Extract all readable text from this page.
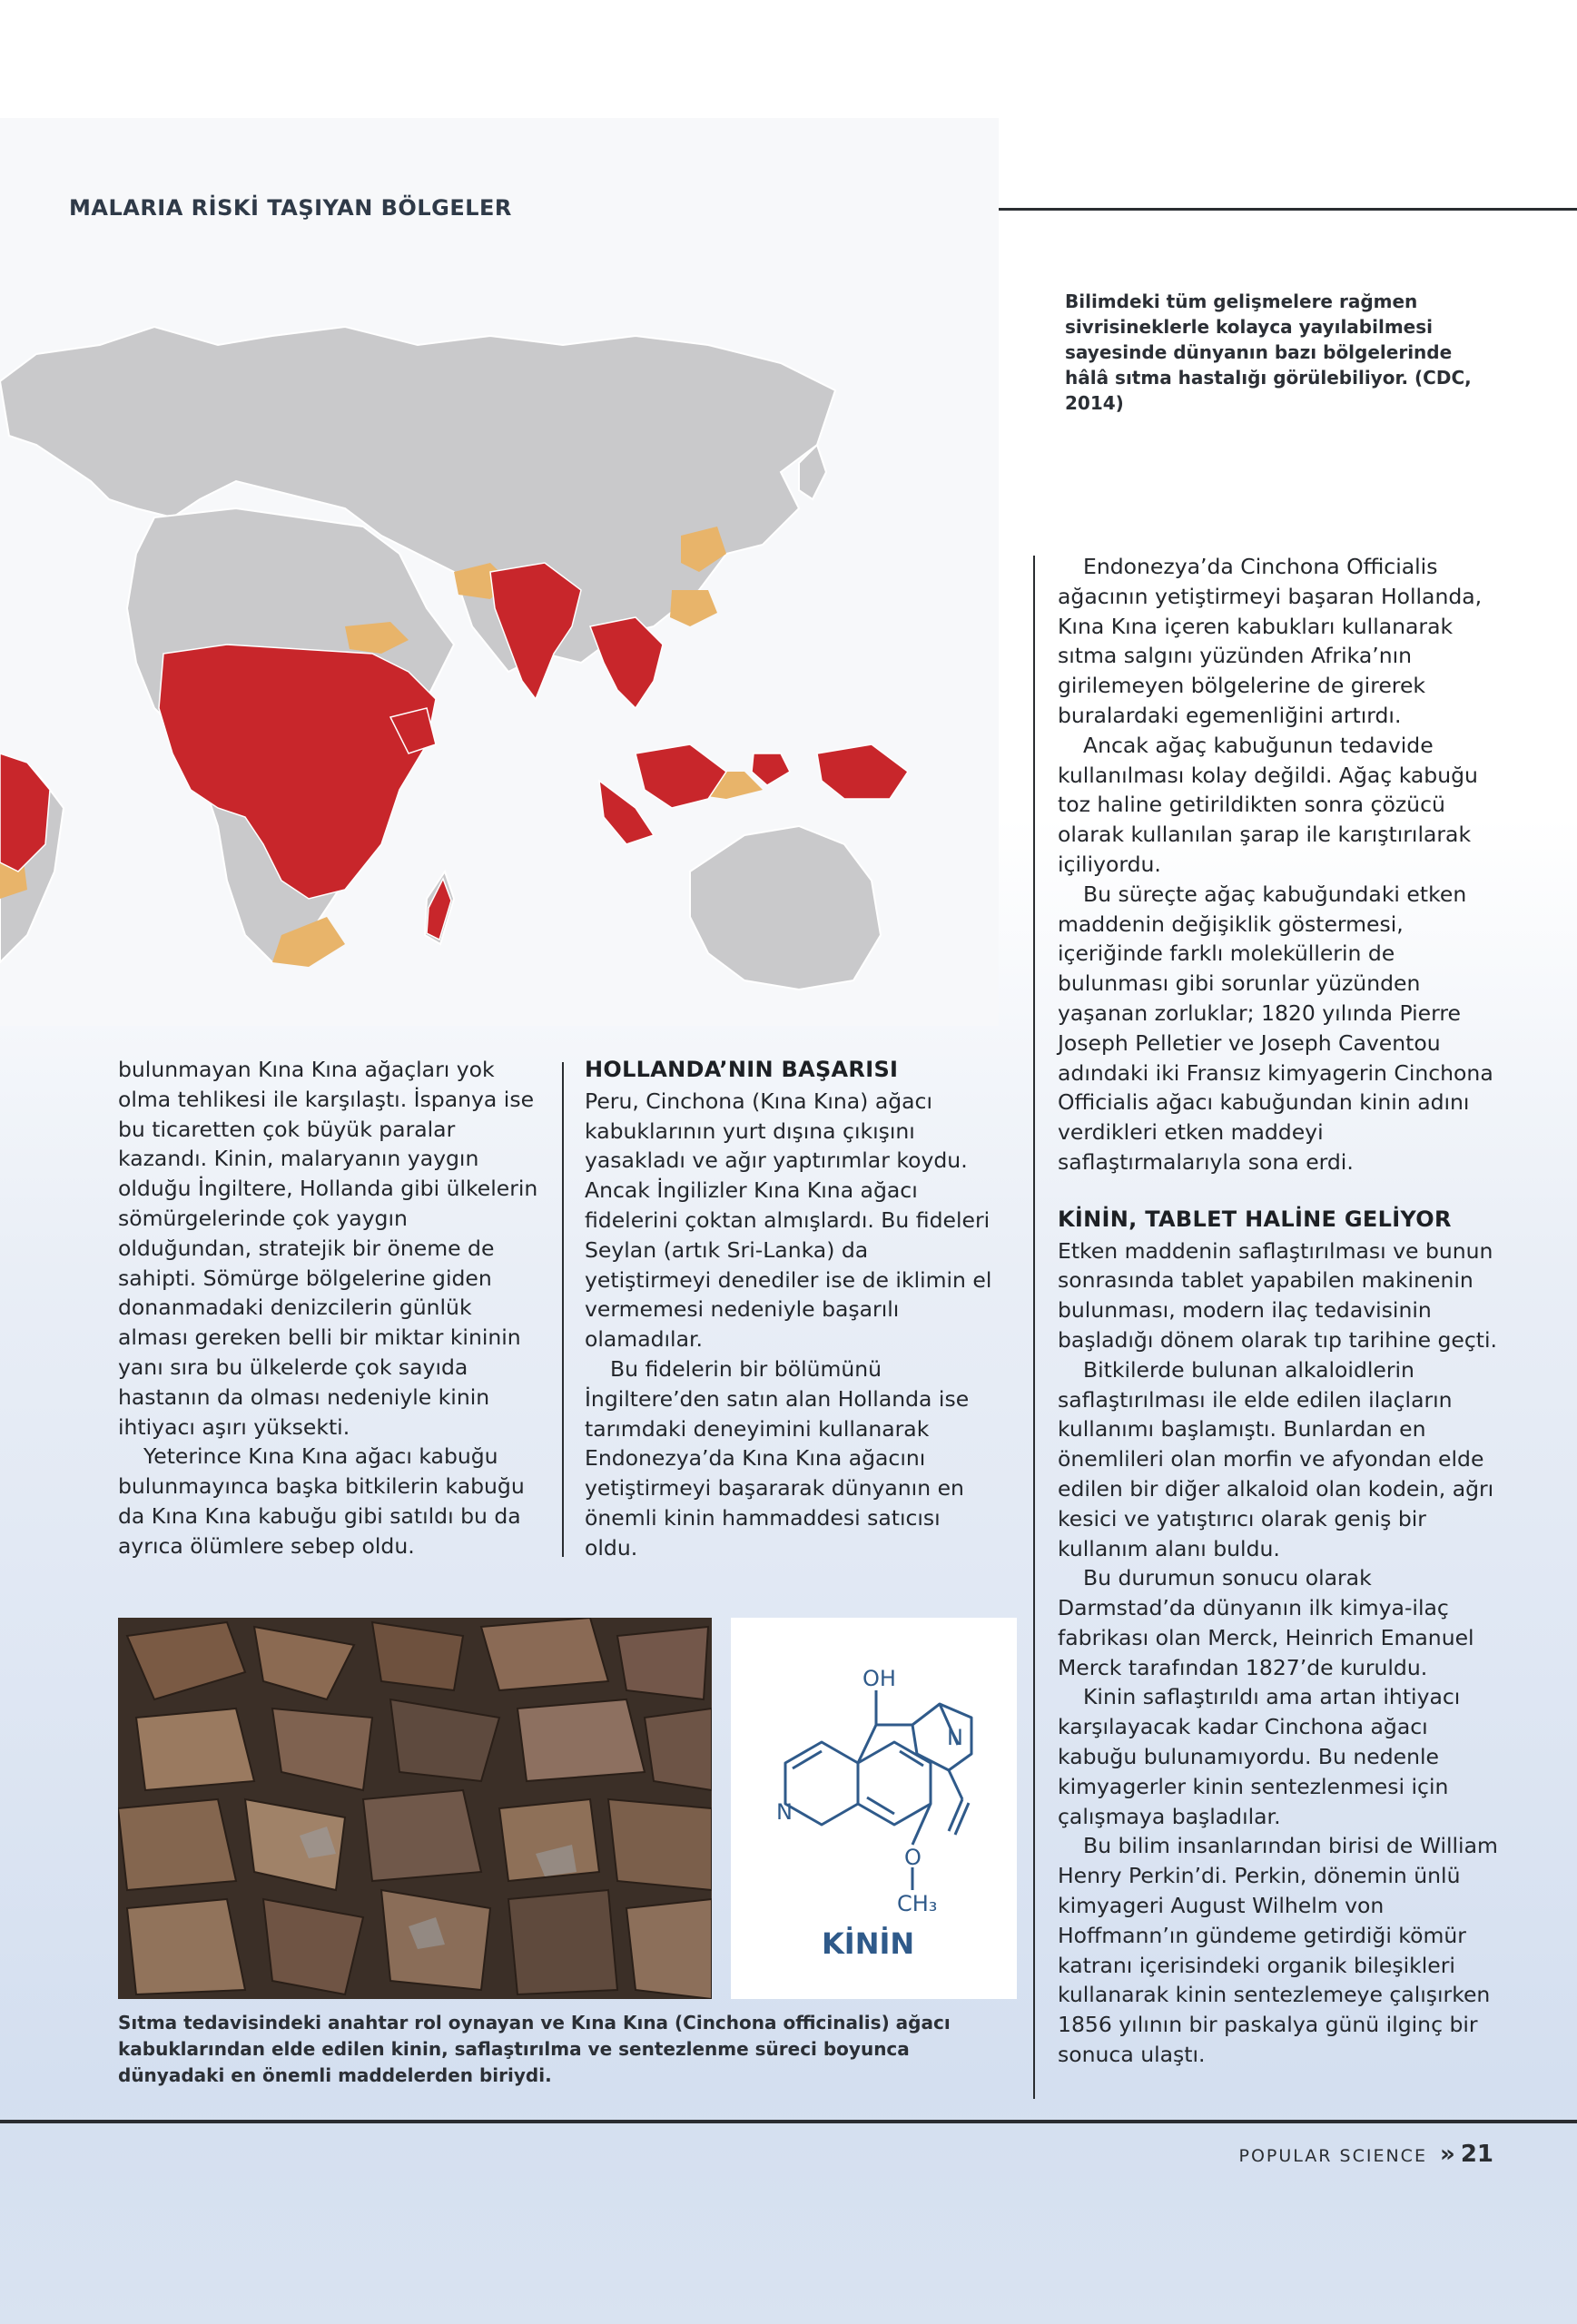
MALARIA RİSKİ TAŞIYAN BÖLGELER
Bilimdeki tüm gelişmelere rağmen sivrisineklerle kolayca yayılabilmesi sayesinde dünyanın bazı bölgelerinde hâlâ sıtma hastalığı görülebiliyor. (CDC, 2014)

bulunmayan Kına Kına ağaçları yok olma tehlikesi ile karşılaştı. İspanya ise bu ticaretten çok büyük paralar kazandı. Kinin, malaryanın yaygın olduğu İngiltere, Hollanda gibi ülkelerin sömürgelerinde çok yaygın olduğundan, stratejik bir öneme de sahipti. Sömürge bölgelerine giden donanmadaki denizcilerin günlük alması gereken belli bir miktar kininin yanı sıra bu ülkelerde çok sayıda hastanın da olması nedeniyle kinin ihtiyacı aşırı yüksekti.

Yeterince Kına Kına ağacı kabuğu bulunmayınca başka bitkilerin kabuğu da Kına Kına kabuğu gibi satıldı bu da ayrıca ölümlere sebep oldu.

HOLLANDA’NIN BAŞARISI

Peru, Cinchona (Kına Kına) ağacı kabuklarının yurt dışına çıkışını yasakladı ve ağır yaptırımlar koydu. Ancak İngilizler Kına Kına ağacı fidelerini çoktan almışlardı. Bu fideleri Seylan (artık Sri-Lanka) da yetiştirmeyi denediler ise de iklimin el vermemesi nedeniyle başarılı olamadılar.

Bu fidelerin bir bölümünü İngiltere’den satın alan Hollanda ise tarımdaki deneyimini kullanarak Endonezya’da Kına Kına ağacını yetiştirmeyi başararak dünyanın en önemli kinin hammaddesi satıcısı oldu.

Endonezya’da Cinchona Officialis ağacının yetiştirmeyi başaran Hollanda, Kına Kına içeren kabukları kullanarak sıtma salgını yüzünden Afrika’nın girilemeyen bölgelerine de girerek buralardaki egemenliğini artırdı.

Ancak ağaç kabuğunun tedavide kullanılması kolay değildi. Ağaç kabuğu toz haline getirildikten sonra çözücü olarak kullanılan şarap ile karıştırılarak içiliyordu.

Bu süreçte ağaç kabuğundaki etken maddenin değişiklik göstermesi, içeriğinde farklı moleküllerin de bulunması gibi sorunlar yüzünden yaşanan zorluklar; 1820 yılında Pierre Joseph Pelletier ve Joseph Caventou adındaki iki Fransız kimyagerin Cinchona Officialis ağacı kabuğundan kinin adını verdikleri etken maddeyi saflaştırmalarıyla sona erdi.

KİNİN, TABLET HALİNE GELİYOR

Etken maddenin saflaştırılması ve bunun sonrasında tablet yapabilen makinenin bulunması, modern ilaç tedavisinin başladığı dönem olarak tıp tarihine geçti.

Bitkilerde bulunan alkaloidlerin saflaştırılması ile elde edilen ilaçların kullanımı başlamıştı. Bunlardan en önemlileri olan morfin ve afyondan elde edilen bir diğer alkaloid olan kodein, ağrı kesici ve yatıştırıcı olarak geniş bir kullanım alanı buldu.

Bu durumun sonucu olarak Darmstad’da dünyanın ilk kimya-ilaç fabrikası olan Merck, Heinrich Emanuel Merck tarafından 1827’de kuruldu.

Kinin saflaştırıldı ama artan ihtiyacı karşılayacak kadar Cinchona ağacı kabuğu bulunamıyordu. Bu nedenle kimyagerler kinin sentezlenmesi için çalışmaya başladılar.

Bu bilim insanlarından birisi de William Henry Perkin’di. Perkin, dönemin ünlü kimyageri August Wilhelm von Hoffmann’ın gündeme getirdiği kömür katranı içerisindeki organik bileşikleri kullanarak kinin sentezlemeye çalışırken 1856 yılının bir paskalya günü ilginç bir sonuca ulaştı.

OH
N
N
O
CH₃
KİNİN
Sıtma tedavisindeki anahtar rol oynayan ve Kına Kına (Cinchona officinalis) ağacı kabuklarından elde edilen kinin, saflaştırılma ve sentezlenme süreci boyunca dünyadaki en önemli maddelerden biriydi.
POPULAR SCIENCE » 21
